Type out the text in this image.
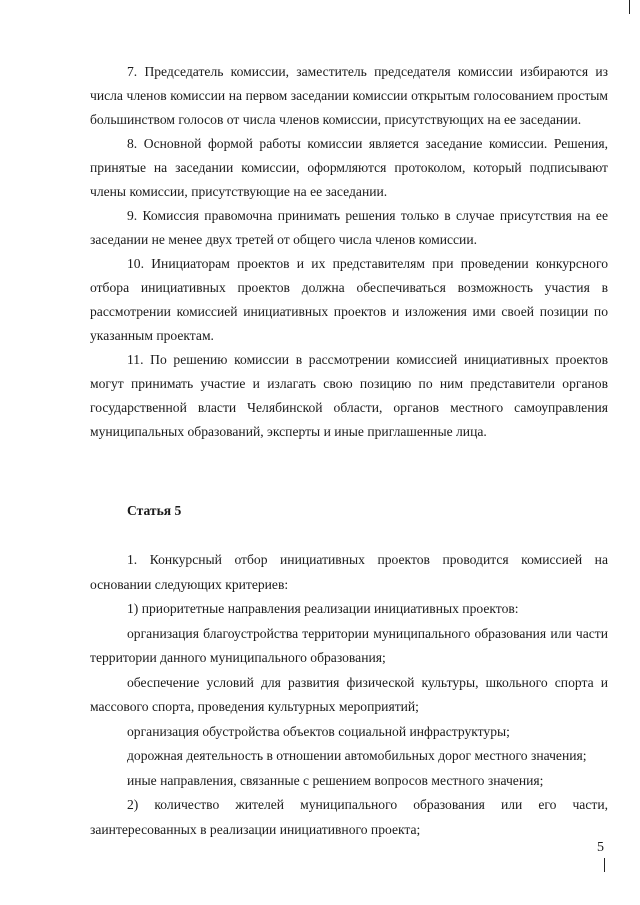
7. Председатель комиссии, заместитель председателя комиссии избираются из числа членов комиссии на первом заседании комиссии открытым голосованием простым большинством голосов от числа членов комиссии, присутствующих на ее заседании.

8. Основной формой работы комиссии является заседание комиссии. Решения, принятые на заседании комиссии, оформляются протоколом, который подписывают члены комиссии, присутствующие на ее заседании.

9. Комиссия правомочна принимать решения только в случае присутствия на ее заседании не менее двух третей от общего числа членов комиссии.

10. Инициаторам проектов и их представителям при проведении конкурсного отбора инициативных проектов должна обеспечиваться возможность участия в рассмотрении комиссией инициативных проектов и изложения ими своей позиции по указанным проектам.

11. По решению комиссии в рассмотрении комиссией инициативных проектов могут принимать участие и излагать свою позицию по ним представители органов государственной власти Челябинской области, органов местного самоуправления муниципальных образований, эксперты и иные приглашенные лица.

Статья 5

1. Конкурсный отбор инициативных проектов проводится комиссией на основании следующих критериев:

1) приоритетные направления реализации инициативных проектов:

организация благоустройства территории муниципального образования или части территории данного муниципального образования;

обеспечение условий для развития физической культуры, школьного спорта и массового спорта, проведения культурных мероприятий;

организация обустройства объектов социальной инфраструктуры;

дорожная деятельность в отношении автомобильных дорог местного значения;

иные направления, связанные с решением вопросов местного значения;

2) количество жителей муниципального образования или его части, заинтересованных в реализации инициативного проекта;

5
